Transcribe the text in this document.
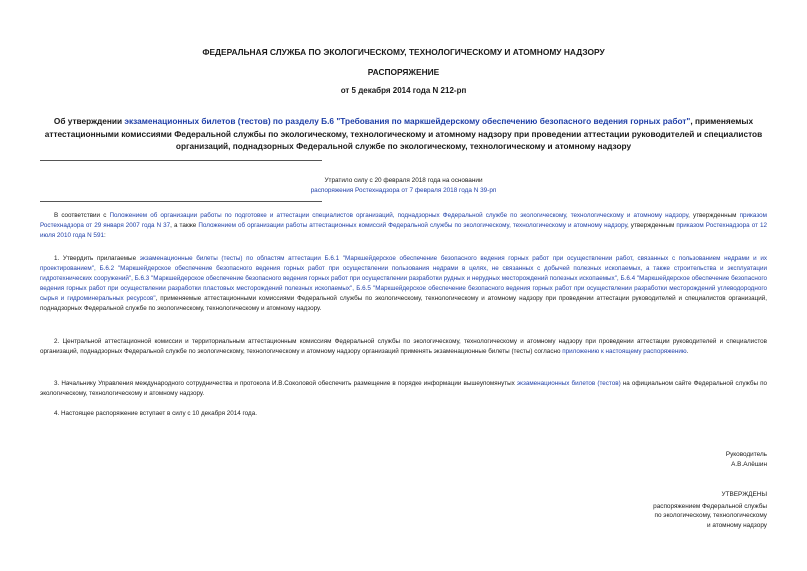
ФЕДЕРАЛЬНАЯ СЛУЖБА ПО ЭКОЛОГИЧЕСКОМУ, ТЕХНОЛОГИЧЕСКОМУ И АТОМНОМУ НАДЗОРУ
РАСПОРЯЖЕНИЕ
от 5 декабря 2014 года N 212-рп
Об утверждении экзаменационных билетов (тестов) по разделу Б.6 "Требования по маркшейдерскому обеспечению безопасного ведения горных работ", применяемых аттестационными комиссиями Федеральной службы по экологическому, технологическому и атомному надзору при проведении аттестации руководителей и специалистов организаций, поднадзорных Федеральной службе по экологическому, технологическому и атомному надзору
Утратило силу с 20 февраля 2018 года на основании
распоряжения Ростехнадзора от 7 февраля 2018 года N 39-рп
В соответствии с Положением об организации работы по подготовке и аттестации специалистов организаций, поднадзорных Федеральной службе по экологическому, технологическому и атомному надзору, утвержденным приказом Ростехнадзора от 29 января 2007 года N 37, а также Положением об организации работы аттестационных комиссий Федеральной службы по экологическому, технологическому и атомному надзору, утвержденным приказом Ростехнадзора от 12 июля 2010 года N 591:
1. Утвердить прилагаемые экзаменационные билеты (тесты) по областям аттестации Б.6.1 "Маркшейдерское обеспечение безопасного ведения горных работ при осуществлении работ, связанных с пользованием недрами и их проектированием", Б.6.2 "Маркшейдерское обеспечение безопасного ведения горных работ при осуществлении пользования недрами в целях, не связанных с добычей полезных ископаемых, а также строительства и эксплуатации гидротехнических сооружений", Б.6.3 "Маркшейдерское обеспечение безопасного ведения горных работ при осуществлении разработки рудных и нерудных месторождений полезных ископаемых", Б.6.4 "Маркшейдерское обеспечение безопасного ведения горных работ при осуществлении разработки пластовых месторождений полезных ископаемых", Б.6.5 "Маркшейдерское обеспечение безопасного ведения горных работ при осуществлении разработки месторождений углеводородного сырья и гидроминеральных ресурсов", применяемые аттестационными комиссиями Федеральной службы по экологическому, технологическому и атомному надзору при проведении аттестации руководителей и специалистов организаций, поднадзорных Федеральной службе по экологическому, технологическому и атомному надзору.
2. Центральной аттестационной комиссии и территориальным аттестационным комиссиям Федеральной службы по экологическому, технологическому и атомному надзору при проведении аттестации руководителей и специалистов организаций, поднадзорных Федеральной службе по экологическому, технологическому и атомному надзору организаций применять экзаменационные билеты (тесты) согласно приложению к настоящему распоряжению.
3. Начальнику Управления международного сотрудничества и протокола И.В.Соколовой обеспечить размещение в порядке информации вышеупомянутых экзаменационных билетов (тестов) на официальном сайте Федеральной службы по экологическому, технологическому и атомному надзору.
4. Настоящее распоряжение вступает в силу с 10 декабря 2014 года.
Руководитель
А.В.Алёшин
УТВЕРЖДЕНЫ
распоряжением Федеральной службы
по экологическому, технологическому
и атомному надзору
